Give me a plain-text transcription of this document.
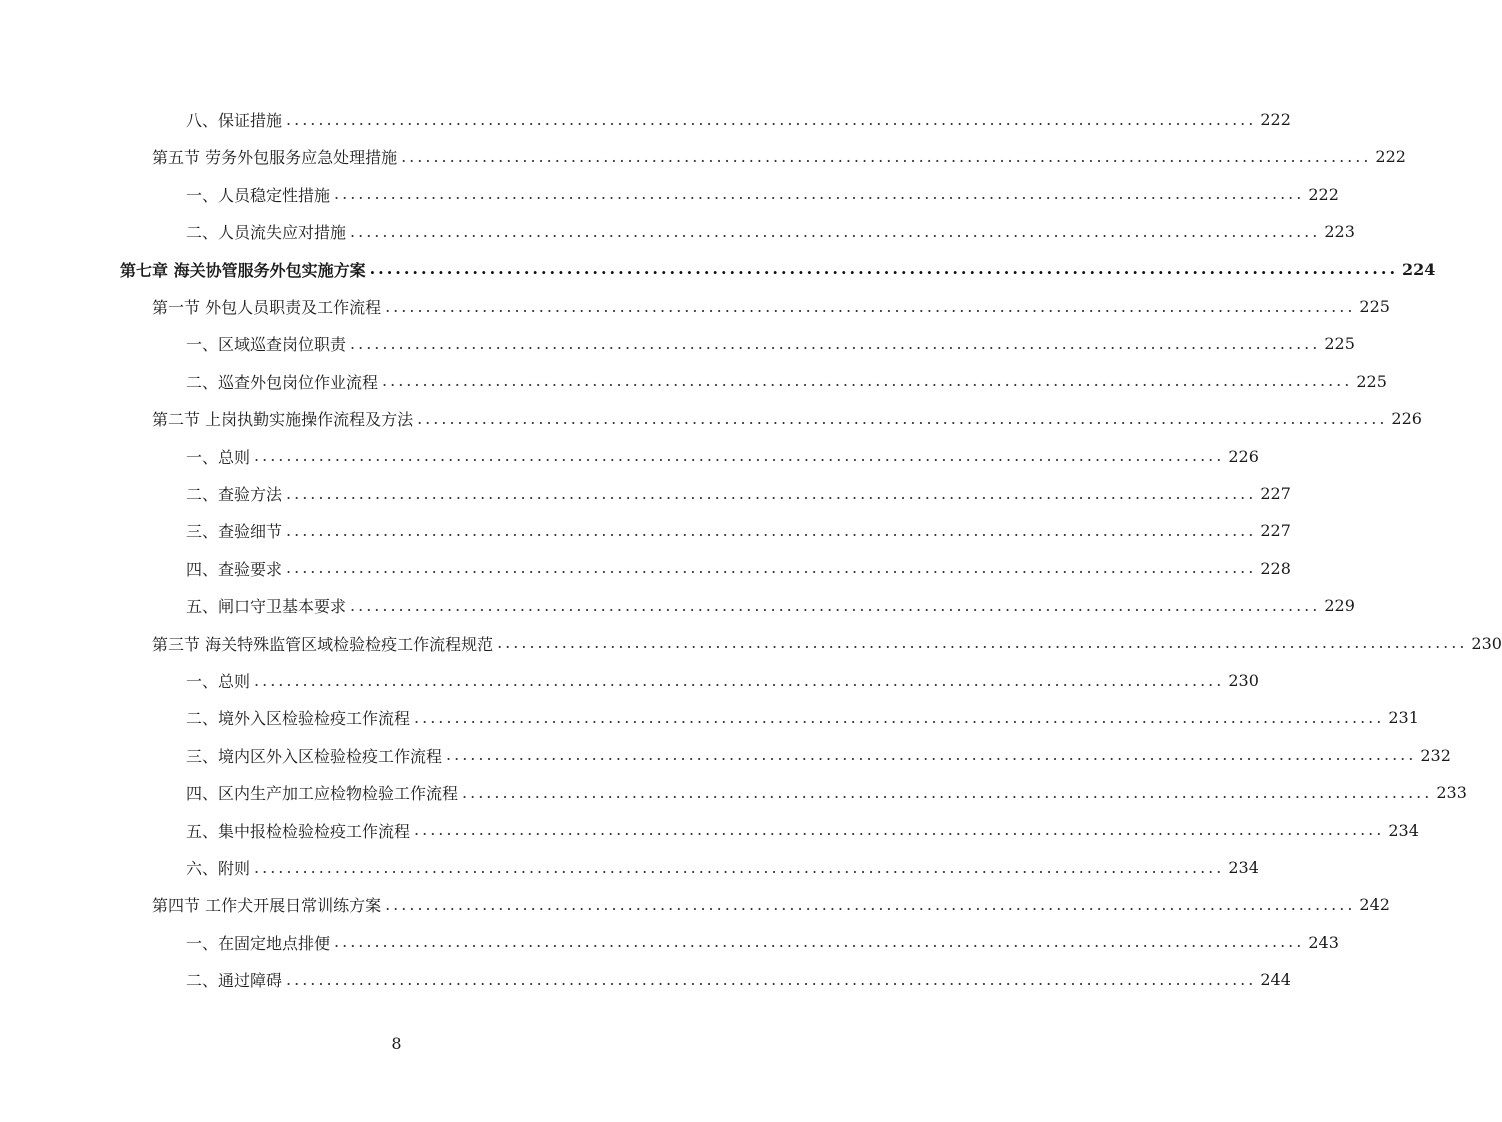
八、保证措施 ........................................................................................................................ 222
第五节 劳务外包服务应急处理措施 ........................................................................................................................ 222
一、人员稳定性措施 ........................................................................................................................ 222
二、人员流失应对措施 ........................................................................................................................ 223
第七章 海关协管服务外包实施方案 ........................................................................................................................ 224
第一节 外包人员职责及工作流程 ........................................................................................................................ 225
一、区域巡查岗位职责 ........................................................................................................................ 225
二、巡查外包岗位作业流程 ........................................................................................................................ 225
第二节 上岗执勤实施操作流程及方法 ........................................................................................................................ 226
一、总则 ........................................................................................................................ 226
二、查验方法 ........................................................................................................................ 227
三、查验细节 ........................................................................................................................ 227
四、查验要求 ........................................................................................................................ 228
五、闸口守卫基本要求 ........................................................................................................................ 229
第三节 海关特殊监管区域检验检疫工作流程规范 ........................................................................................................................ 230
一、总则 ........................................................................................................................ 230
二、境外入区检验检疫工作流程 ........................................................................................................................ 231
三、境内区外入区检验检疫工作流程 ........................................................................................................................ 232
四、区内生产加工应检物检验工作流程 ........................................................................................................................ 233
五、集中报检检验检疫工作流程 ........................................................................................................................ 234
六、附则 ........................................................................................................................ 234
第四节 工作犬开展日常训练方案 ........................................................................................................................ 242
一、在固定地点排便 ........................................................................................................................ 243
二、通过障碍 ........................................................................................................................ 244
8
